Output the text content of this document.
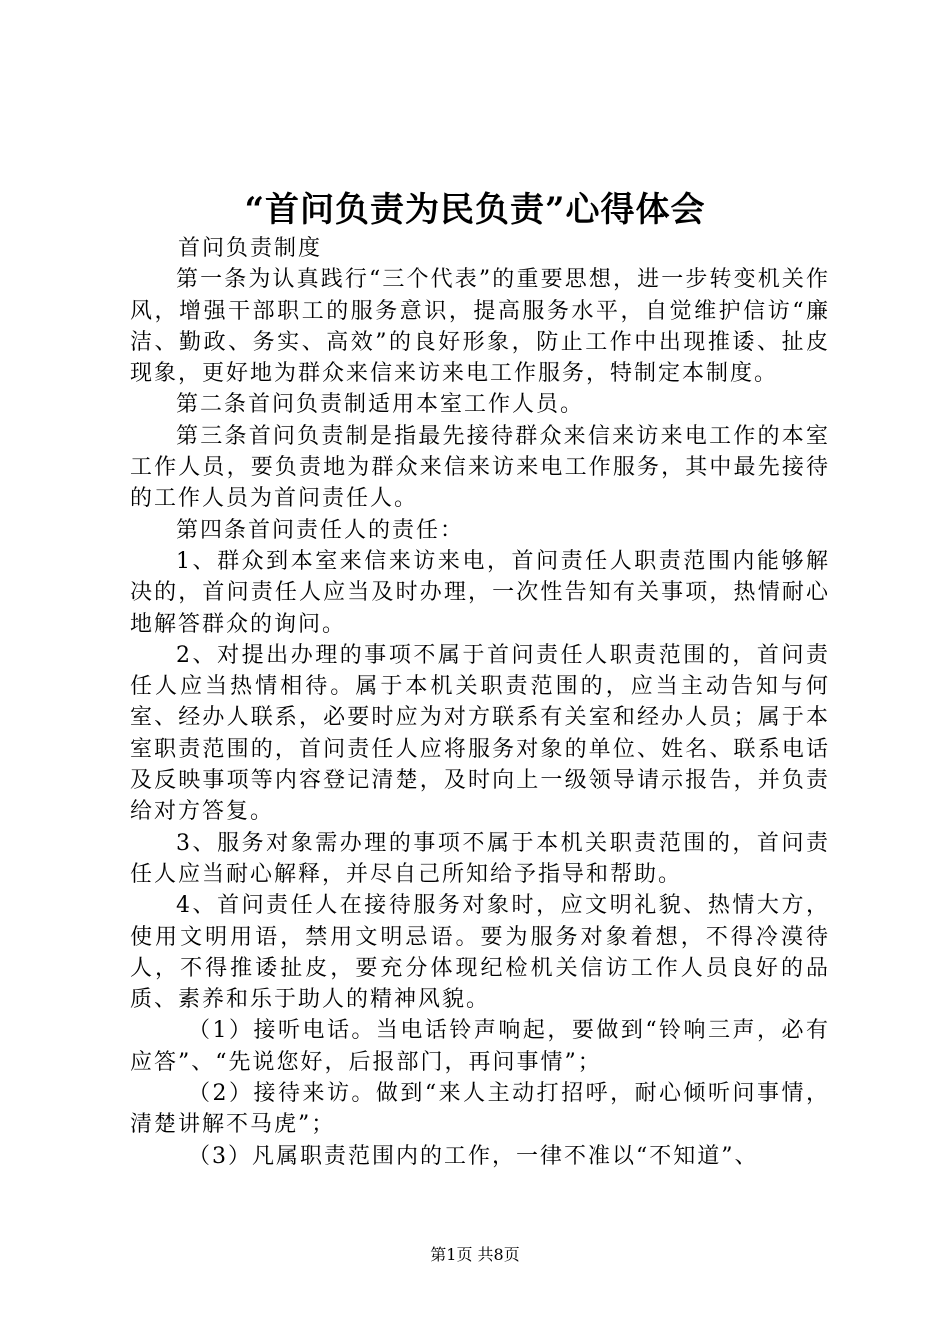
“首问负责为民负责”心得体会

首问负责制度

第一条为认真践行“三个代表”的重要思想，进一步转变机关作风，增强干部职工的服务意识，提高服务水平，自觉维护信访“廉洁、勤政、务实、高效”的良好形象，防止工作中出现推诿、扯皮现象，更好地为群众来信来访来电工作服务，特制定本制度。

第二条首问负责制适用本室工作人员。

第三条首问负责制是指最先接待群众来信来访来电工作的本室工作人员，要负责地为群众来信来访来电工作服务，其中最先接待的工作人员为首问责任人。

第四条首问责任人的责任：

1、群众到本室来信来访来电，首问责任人职责范围内能够解决的，首问责任人应当及时办理，一次性告知有关事项，热情耐心地解答群众的询问。

2、对提出办理的事项不属于首问责任人职责范围的，首问责任人应当热情相待。属于本机关职责范围的，应当主动告知与何室、经办人联系，必要时应为对方联系有关室和经办人员；属于本室职责范围的，首问责任人应将服务对象的单位、姓名、联系电话及反映事项等内容登记清楚，及时向上一级领导请示报告，并负责给对方答复。

3、服务对象需办理的事项不属于本机关职责范围的，首问责任人应当耐心解释，并尽自己所知给予指导和帮助。

4、首问责任人在接待服务对象时，应文明礼貌、热情大方，使用文明用语，禁用文明忌语。要为服务对象着想，不得冷漠待人，不得推诿扯皮，要充分体现纪检机关信访工作人员良好的品质、素养和乐于助人的精神风貌。

（1）接听电话。当电话铃声响起，要做到“铃响三声，必有应答”、“先说您好，后报部门，再问事情”；

（2）接待来访。做到“来人主动打招呼，耐心倾听问事情，清楚讲解不马虎”；

（3）凡属职责范围内的工作，一律不准以“不知道”、

第1页 共8页
